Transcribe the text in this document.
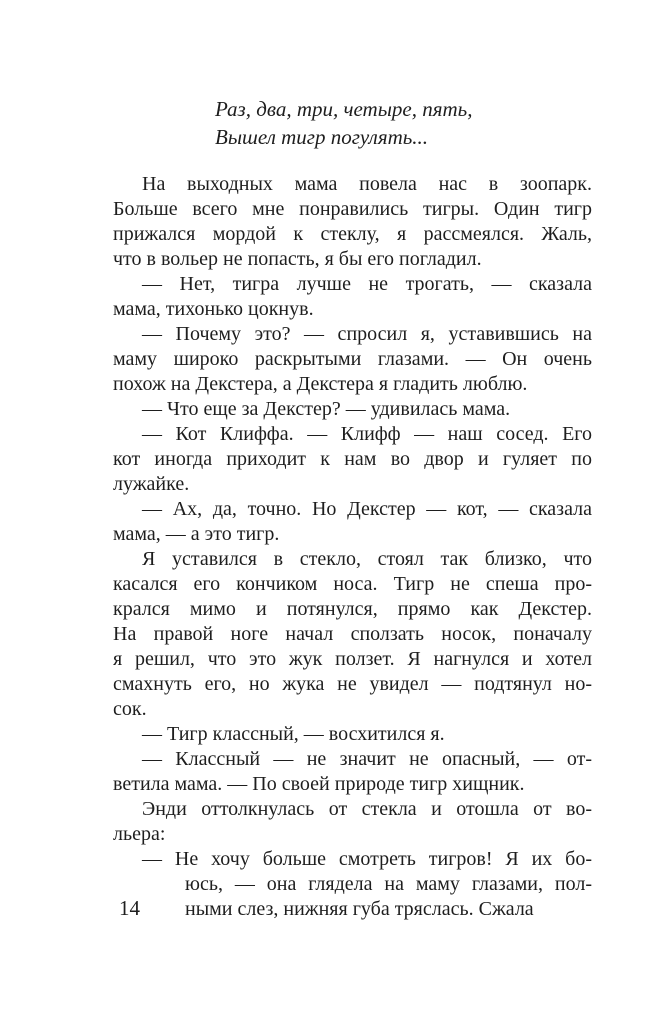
Раз, два, три, четыре, пять,
Вышел тигр погулять...
На выходных мама повела нас в зоопарк.
Больше всего мне понравились тигры. Один тигр
прижался мордой к стеклу, я рассмеялся. Жаль,
что в вольер не попасть, я бы его погладил.
— Нет, тигра лучше не трогать, — сказала
мама, тихонько цокнув.
— Почему это? — спросил я, уставившись на
маму широко раскрытыми глазами. — Он очень
похож на Декстера, а Декстера я гладить люблю.
— Что еще за Декстер? — удивилась мама.
— Кот Клиффа. — Клифф — наш сосед. Его
кот иногда приходит к нам во двор и гуляет по
лужайке.
— Ах, да, точно. Но Декстер — кот, — сказала
мама, — а это тигр.
Я уставился в стекло, стоял так близко, что
касался его кончиком носа. Тигр не спеша про-
крался мимо и потянулся, прямо как Декстер.
На правой ноге начал сползать носок, поначалу
я решил, что это жук ползет. Я нагнулся и хотел
смахнуть его, но жука не увидел — подтянул но-
сок.
— Тигр классный, — восхитился я.
— Классный — не значит не опасный, — от-
ветила мама. — По своей природе тигр хищник.
Энди оттолкнулась от стекла и отошла от во-
льера:
— Не хочу больше смотреть тигров! Я их бо-
юсь, — она глядела на маму глазами, пол-
ными слез, нижняя губа тряслась. Сжала
14
